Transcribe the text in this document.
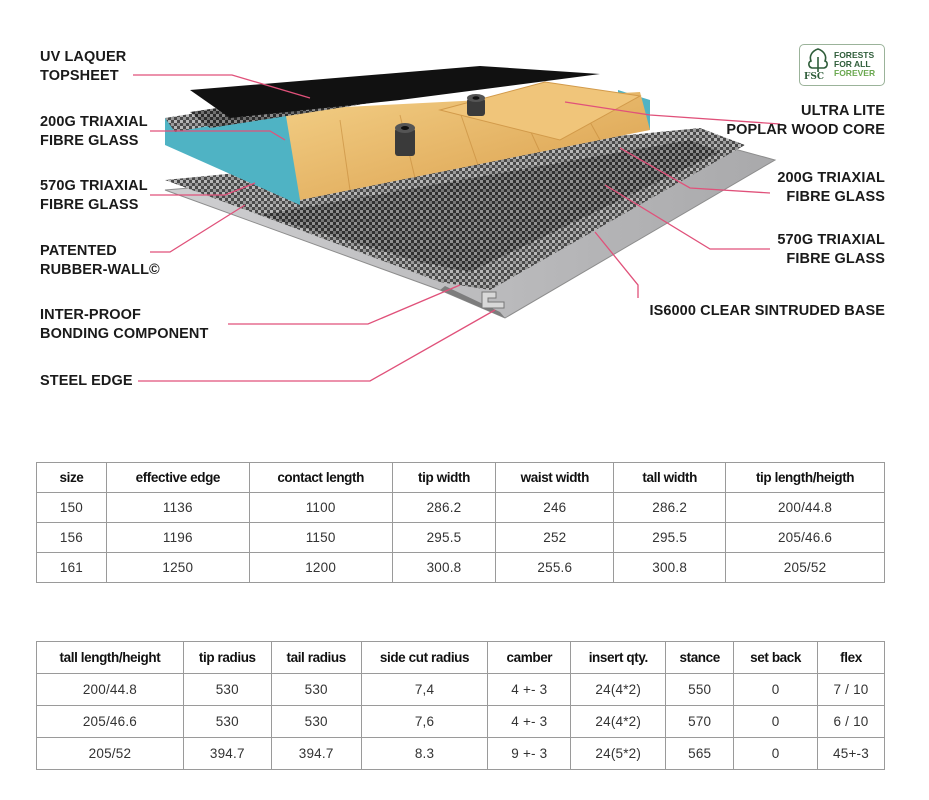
UV LAQUER
TOPSHEET
200G TRIAXIAL
FIBRE GLASS
570G TRIAXIAL
FIBRE GLASS
PATENTED
RUBBER-WALL©
INTER-PROOF
BONDING COMPONENT
STEEL EDGE
ULTRA LITE
POPLAR WOOD CORE
200G TRIAXIAL
FIBRE GLASS
570G TRIAXIAL
FIBRE GLASS
IS6000 CLEAR SINTRUDED BASE
FSC
FORESTS
FOR ALL
FOREVER
size	effective edge	contact length	tip width	waist width	tall width	tip length/heigth
150	1136	1100	286.2	246	286.2	200/44.8
156	1196	1150	295.5	252	295.5	205/46.6
161	1250	1200	300.8	255.6	300.8	205/52
tall length/height	tip radius	tail radius	side cut radius	camber	insert qty.	stance	set back	flex
200/44.8	530	530	7,4	4 +- 3	24(4*2)	550	0	7 / 10
205/46.6	530	530	7,6	4 +- 3	24(4*2)	570	0	6 / 10
205/52	394.7	394.7	8.3	9 +- 3	24(5*2)	565	0	45+-3
